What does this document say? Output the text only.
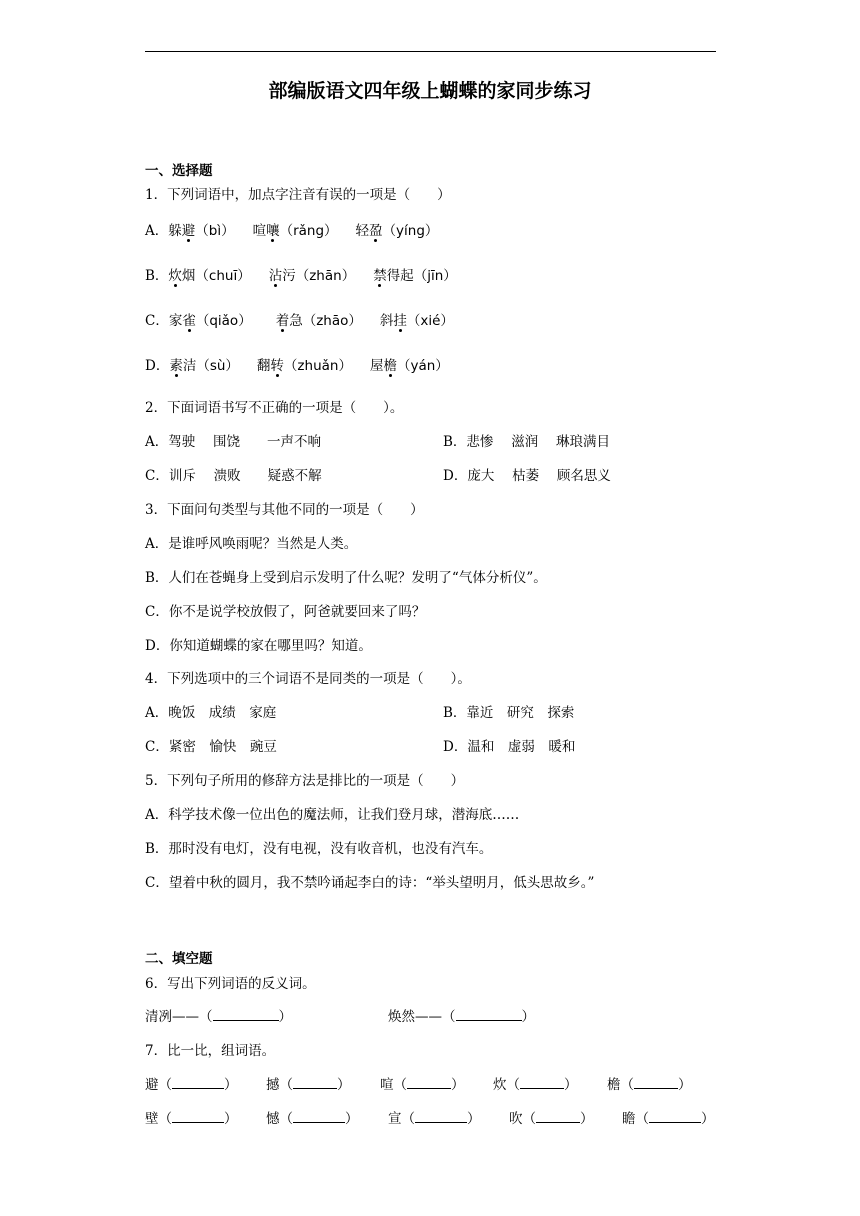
部编版语文四年级上蝴蝶的家同步练习
一、选择题
1．下列词语中，加点字注音有误的一项是（　　）
A．躲避（bì） 喧嚷（rǎng） 轻盈（yíng）
B．炊烟（chuī） 沾污（zhān） 禁得起（jīn）
C．家雀（qiǎo） 着急（zhāo） 斜挂（xié）
D．素洁（sù） 翻转（zhuǎn） 屋檐（yán）
2．下面词语书写不正确的一项是（　　）。
A．驾驶　 围饶　　一声不响	B．悲惨　 滋润　 琳琅满目
C．训斥　 溃败　　疑惑不解	D．庞大　 枯萎　 顾名思义
3．下面问句类型与其他不同的一项是（　　）
A．是谁呼风唤雨呢？当然是人类。
B．人们在苍蝇身上受到启示发明了什么呢？发明了“气体分析仪”。
C．你不是说学校放假了，阿爸就要回来了吗？
D．你知道蝴蝶的家在哪里吗？知道。
4．下列选项中的三个词语不是同类的一项是（　　）。
A．晚饭　成绩　家庭	B．靠近　研究　探索
C．紧密　愉快　豌豆	D．温和　虚弱　暖和
5．下列句子所用的修辞方法是排比的一项是（　　）
A．科学技术像一位出色的魔法师，让我们登月球，潜海底……
B．那时没有电灯，没有电视，没有收音机，也没有汽车。
C．望着中秋的圆月，我不禁吟诵起李白的诗：“举头望明月，低头思故乡。”
二、填空题
6．写出下列词语的反义词。
清冽——（	）	焕然——（	）
7．比一比，组词语。
避（	） 撼（	） 喧（	） 炊（	） 檐（	）
壁（	） 憾（	） 宣（	） 吹（	） 瞻（	）
